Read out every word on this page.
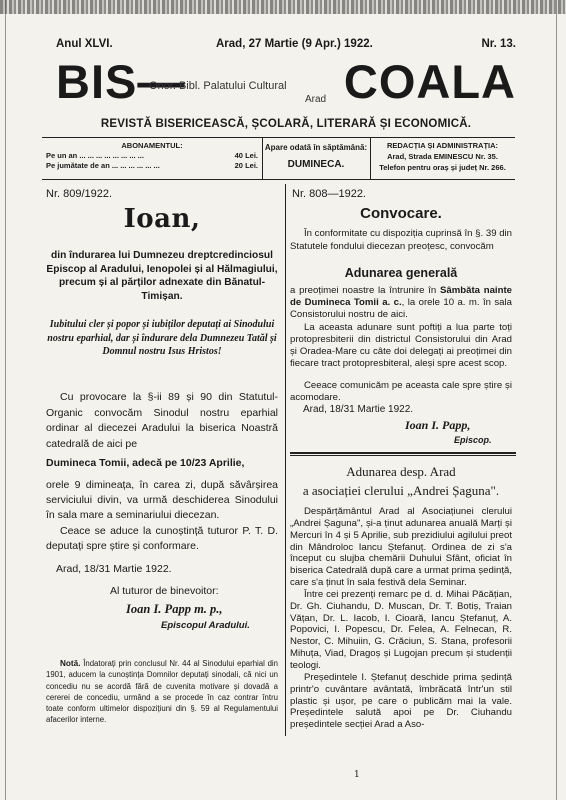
Anul XLVI.	Arad, 27 Martie (9 Apr.) 1922.	Nr. 13.
BIS—	COALA
Onor. Bibl. Palatului Cultural
Arad
REVISTĂ BISERICEASCĂ, ȘCOLARĂ, LITERARĂ ȘI ECONOMICĂ.
ABONAMENTUL:
Pe un an ... ... ... ... ... ... ... ...	40 Lei.
Pe jumătate de an ... ... ... ... ... ...	20 Lei.
Apare odată în săptămână:
DUMINECA.
REDACȚIA ȘI ADMINISTRAȚIA:
Arad, Strada EMINESCU Nr. 35.
Telefon pentru oraș și județ Nr. 266.
Nr. 809/1922.
Ioan,
din îndurarea lui Dumnezeu dreptcredinciosul Episcop al Aradului, Ienopolei și al Hălmagiului, precum și al părților adnexate din Bănatul-Timișan.
Iubitului cler și popor și iubiților deputați ai Sinodului nostru eparhial, dar și îndurare dela Dumnezeu Tatăl și Domnul nostru Isus Hristos!

Cu provocare la §-ii 89 și 90 din Statutul-Organic convocăm Sinodul nostru eparhial ordinar al diecezei Aradului la biserica Noastră catedrală de aici pe

Dumineca Tomii, adecă pe 10/23 Aprilie,

orele 9 dimineața, în carea zi, după săvârșirea serviciului divin, va urmă deschiderea Sinodului în sala mare a seminariului diecezan.

Ceace se aduce la cunoștință tuturor P. T. D. deputați spre știre și conformare.

Arad, 18/31 Martie 1922.
Al tuturor de binevoitor:
Ioan I. Papp m. p.,
Episcopul Aradului.

Notă. Îndatorați prin conclusul Nr. 44 al Sinodului eparhial din 1901, aducem la cunoștința Domnilor deputați sinodali, că nici un concediu nu se acordă fără de cuvenita motivare și dovadă a cererei de concediu, urmând a se procede în caz contrar întru toate conform ultimelor dispozițiuni din §. 59 al Regulamentului afacerilor interne.

Nr. 808—1922.
Convocare.

În conformitate cu dispoziția cuprinsă în §. 39 din Statutele fondului diecezan preoțesc, convocăm

Adunarea generală

a preoțimei noastre la întrunire în Sâmbăta nainte de Dumineca Tomii a. c., la orele 10 a. m. în sala Consistorului nostru de aici.

La aceasta adunare sunt poftiți a lua parte toți protopresbiterii din districtul Consistorului din Arad și Oradea-Mare cu câte doi delegați ai preoțimei din fiecare tract protopresbiteral, aleși spre acest scop.

Ceeace comunicăm pe aceasta cale spre știre și acomodare.

Arad, 18/31 Martie 1922.
Ioan I. Papp,
Episcop.
Adunarea desp. Arad
a asociației clerului „Andrei Șaguna".

Despărțământul Arad al Asociațiunei clerului „Andrei Șaguna", și-a ținut adunarea anuală Marți și Mercuri în 4 și 5 Aprilie, sub prezidiului agilului preot din Mândroloc Iancu Ștefanuț. Ordinea de zi s'a început cu slujba chemării Duhului Sfânt, oficiat în biserica Catedrală după care a urmat prima ședință, care s'a ținut în sala festivă dela Seminar.

Între cei prezenți remarc pe d. d. Mihai Păcățian, Dr. Gh. Ciuhandu, D. Muscan, Dr. T. Botiș, Traian Vățan, Dr. L. Iacob, I. Cioară, Iancu Ștefanuț, A. Popovici, I. Popescu, Dr. Felea, A. Felnecan, R. Nestor, C. Mihuiin, G. Crăciun, S. Stana, profesorii Mihuța, Viad, Dragoș și Lugojan precum și studenții teologi.

Președintele I. Ștefanuț deschide prima ședință printr'o cuvântare avântată, îmbrăcată într'un stil plastic și ușor, pe care o publicăm mai la vale. Președintele salută apoi pe Dr. Ciuhandu președintele secției Arad a Aso-

1
